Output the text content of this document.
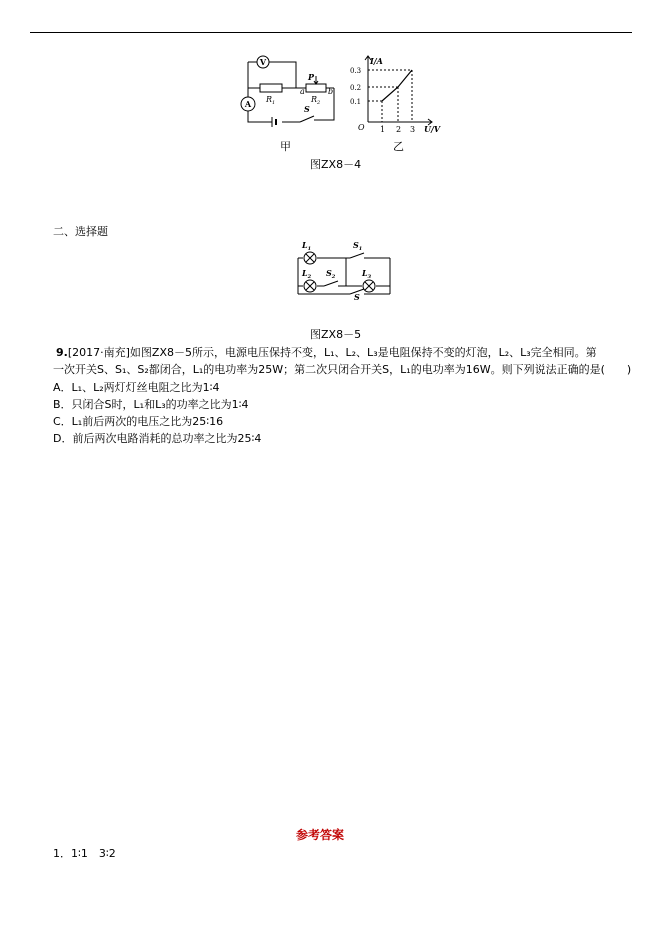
V
A $R_1$	$R_2$
P
a	b
S
I/A
U/V
O
0.1
0.2
0.3
1 2 3
甲	乙
图ZX8－4
二、选择题
$L_1$
$L_2$	$L_3$
$S_1$
$S_2$
S
图ZX8－5
9.[2017·南充]如图ZX8－5所示，电源电压保持不变，L₁、L₂、L₃是电阻保持不变的灯泡，L₂、L₃完全相同。第
一次开关S、S₁、S₂都闭合，L₁的电功率为25W；第二次只闭合开关S，L₁的电功率为16W。则下列说法正确的是(　　)
A．L₁、L₂两灯灯丝电阻之比为1∶4
B．只闭合S时，L₁和L₃的功率之比为1∶4
C．L₁前后两次的电压之比为25∶16
D．前后两次电路消耗的总功率之比为25∶4
参考答案
1．1∶1　3∶2
